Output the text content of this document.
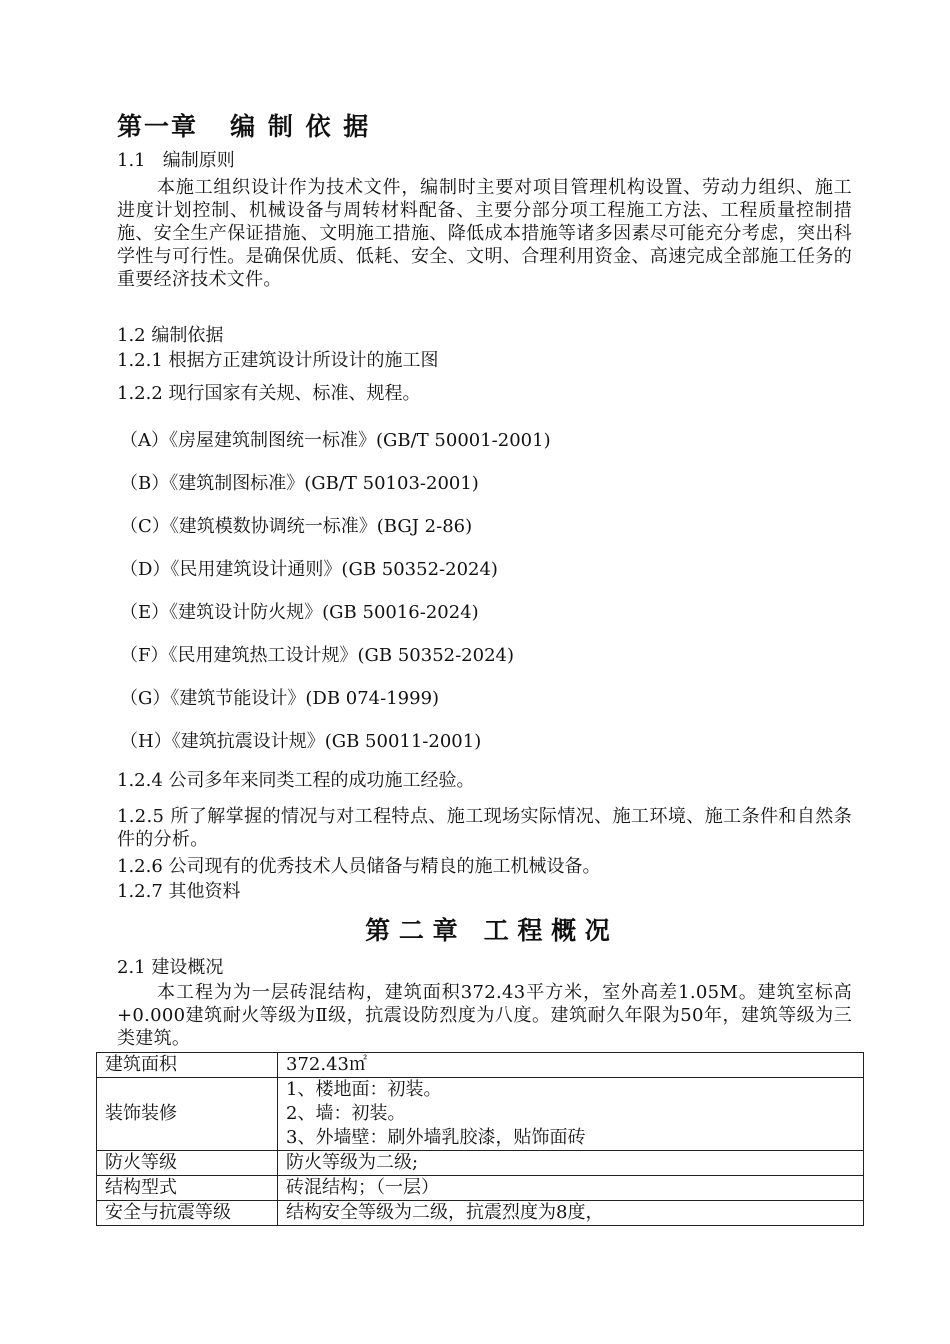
第一章   编 制 依 据
1.1   编制原则
本施工组织设计作为技术文件，编制时主要对项目管理机构设置、劳动力组织、施工进度计划控制、机械设备与周转材料配备、主要分部分项工程施工方法、工程质量控制措施、安全生产保证措施、文明施工措施、降低成本措施等诸多因素尽可能充分考虑，突出科学性与可行性。是确保优质、低耗、安全、文明、合理利用资金、高速完成全部施工任务的重要经济技术文件。
1.2 编制依据
1.2.1 根据方正建筑设计所设计的施工图
1.2.2 现行国家有关规、标准、规程。
（A）《房屋建筑制图统一标准》(GB/T 50001-2001)
（B）《建筑制图标准》(GB/T 50103-2001)
（C）《建筑模数协调统一标准》(BGJ 2-86)
（D）《民用建筑设计通则》(GB 50352-2024)
（E）《建筑设计防火规》(GB 50016-2024)
（F）《民用建筑热工设计规》(GB 50352-2024)
（G）《建筑节能设计》(DB 074-1999)
（H）《建筑抗震设计规》(GB 50011-2001)
1.2.4 公司多年来同类工程的成功施工经验。
1.2.5 所了解掌握的情况与对工程特点、施工现场实际情况、施工环境、施工条件和自然条件的分析。
1.2.6 公司现有的优秀技术人员储备与精良的施工机械设备。
1.2.7 其他资料
第 二 章   工 程 概 况
2.1 建设概况
本工程为为一层砖混结构，建筑面积372.43平方米，室外高差1.05M。建筑室标高+0.000建筑耐火等级为Ⅱ级，抗震设防烈度为八度。建筑耐久年限为50年，建筑等级为三类建筑。
建筑面积	372.43㎡
装饰装修	1、楼地面：初装。
2、墙：初装。
3、外墙壁：刷外墙乳胶漆，贴饰面砖

防火等级	防火等级为二级;
结构型式	砖混结构；（一层）
安全与抗震等级	结构安全等级为二级，抗震烈度为8度，
